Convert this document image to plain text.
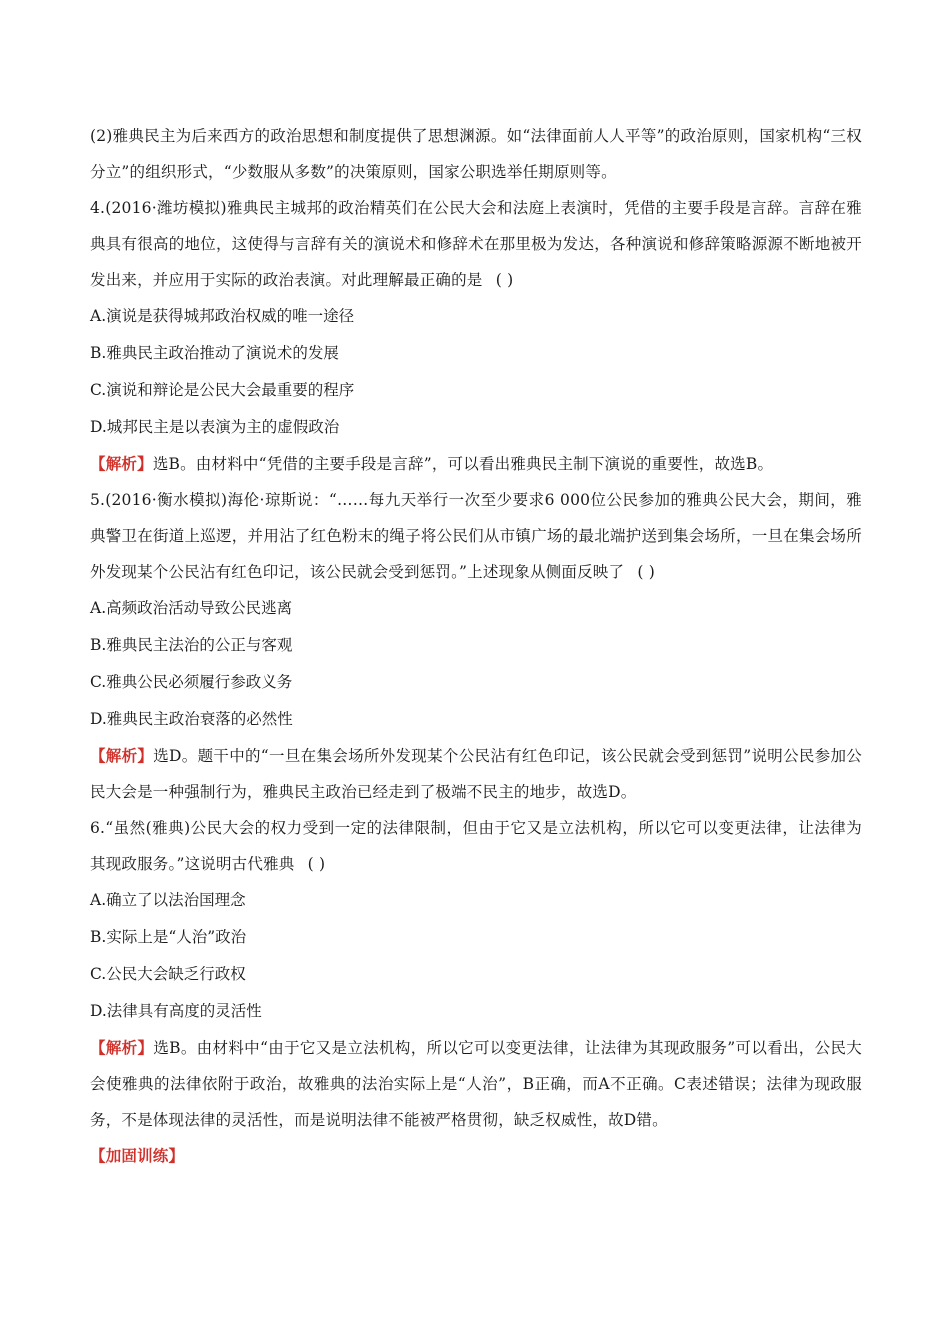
(2)雅典民主为后来西方的政治思想和制度提供了思想渊源。如“法律面前人人平等”的政治原则，国家机构“三权分立”的组织形式，“少数服从多数”的决策原则，国家公职选举任期原则等。

4.(2016·潍坊模拟)雅典民主城邦的政治精英们在公民大会和法庭上表演时，凭借的主要手段是言辞。言辞在雅典具有很高的地位，这使得与言辞有关的演说术和修辞术在那里极为发达，各种演说和修辞策略源源不断地被开发出来，并应用于实际的政治表演。对此理解最正确的是 ( )

A.演说是获得城邦政治权威的唯一途径

B.雅典民主政治推动了演说术的发展

C.演说和辩论是公民大会最重要的程序

D.城邦民主是以表演为主的虚假政治

【解析】选B。由材料中“凭借的主要手段是言辞”，可以看出雅典民主制下演说的重要性，故选B。

5.(2016·衡水模拟)海伦·琼斯说：“……每九天举行一次至少要求6 000位公民参加的雅典公民大会，期间，雅典警卫在街道上巡逻，并用沾了红色粉末的绳子将公民们从市镇广场的最北端护送到集会场所，一旦在集会场所外发现某个公民沾有红色印记，该公民就会受到惩罚。”上述现象从侧面反映了 ( )

A.高频政治活动导致公民逃离

B.雅典民主法治的公正与客观

C.雅典公民必须履行参政义务

D.雅典民主政治衰落的必然性

【解析】选D。题干中的“一旦在集会场所外发现某个公民沾有红色印记，该公民就会受到惩罚”说明公民参加公民大会是一种强制行为，雅典民主政治已经走到了极端不民主的地步，故选D。

6.“虽然(雅典)公民大会的权力受到一定的法律限制，但由于它又是立法机构，所以它可以变更法律，让法律为其现政服务。”这说明古代雅典 ( )

A.确立了以法治国理念

B.实际上是“人治”政治

C.公民大会缺乏行政权

D.法律具有高度的灵活性

【解析】选B。由材料中“由于它又是立法机构，所以它可以变更法律，让法律为其现政服务”可以看出，公民大会使雅典的法律依附于政治，故雅典的法治实际上是“人治”，B正确，而A不正确。C表述错误；法律为现政服务，不是体现法律的灵活性，而是说明法律不能被严格贯彻，缺乏权威性，故D错。

【加固训练】
